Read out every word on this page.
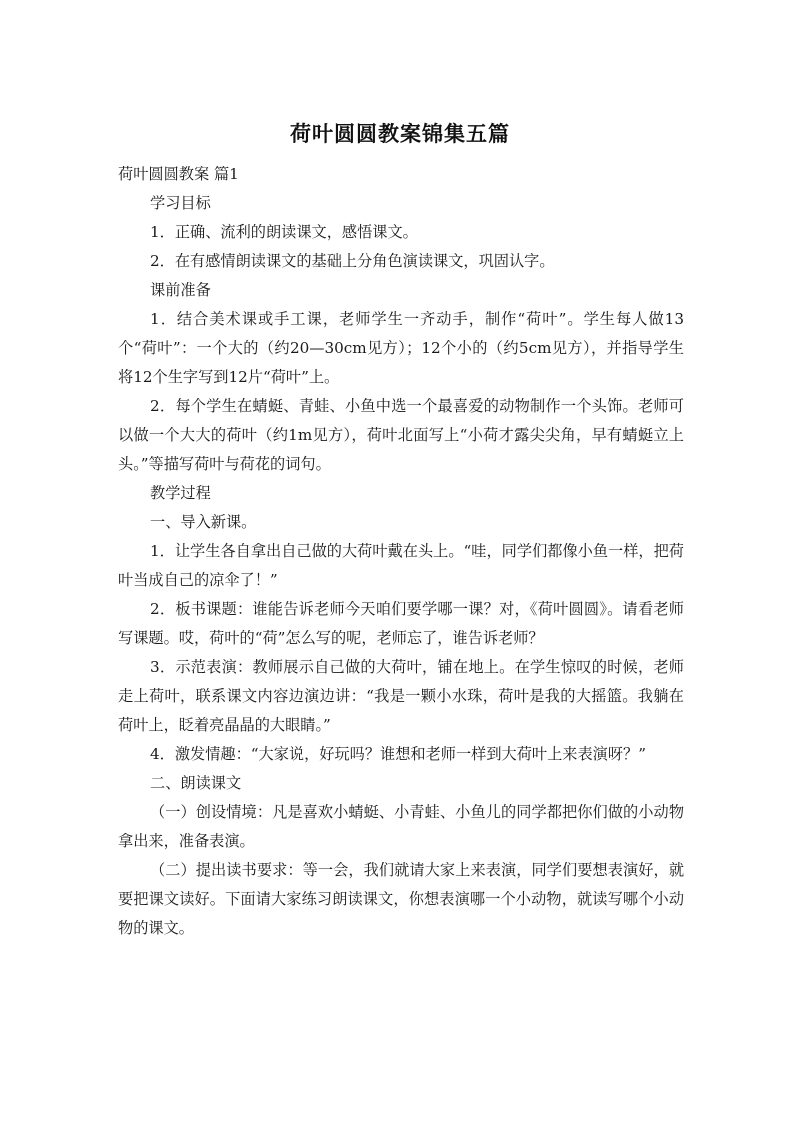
荷叶圆圆教案锦集五篇

荷叶圆圆教案 篇1

学习目标

1．正确、流利的朗读课文，感悟课文。

2．在有感情朗读课文的基础上分角色演读课文，巩固认字。

课前准备

1．结合美术课或手工课，老师学生一齐动手，制作“荷叶”。学生每人做13个“荷叶”：一个大的（约20—30cm见方）；12个小的（约5cm见方），并指导学生将12个生字写到12片“荷叶”上。

2．每个学生在蜻蜓、青蛙、小鱼中选一个最喜爱的动物制作一个头饰。老师可以做一个大大的荷叶（约1m见方），荷叶北面写上“小荷才露尖尖角，早有蜻蜓立上头。”等描写荷叶与荷花的词句。

教学过程

一、导入新课。

1．让学生各自拿出自己做的大荷叶戴在头上。“哇，同学们都像小鱼一样，把荷叶当成自己的凉伞了！”

2．板书课题：谁能告诉老师今天咱们要学哪一课？对，《荷叶圆圆》。请看老师写课题。哎，荷叶的“荷”怎么写的呢，老师忘了，谁告诉老师？

3．示范表演：教师展示自己做的大荷叶，铺在地上。在学生惊叹的时候，老师走上荷叶，联系课文内容边演边讲：“我是一颗小水珠，荷叶是我的大摇篮。我躺在荷叶上，眨着亮晶晶的大眼睛。”

4．激发情趣：“大家说，好玩吗？谁想和老师一样到大荷叶上来表演呀？”

二、朗读课文

（一）创设情境：凡是喜欢小蜻蜓、小青蛙、小鱼儿的同学都把你们做的小动物拿出来，准备表演。

（二）提出读书要求：等一会，我们就请大家上来表演，同学们要想表演好，就要把课文读好。下面请大家练习朗读课文，你想表演哪一个小动物，就读写哪个小动物的课文。
